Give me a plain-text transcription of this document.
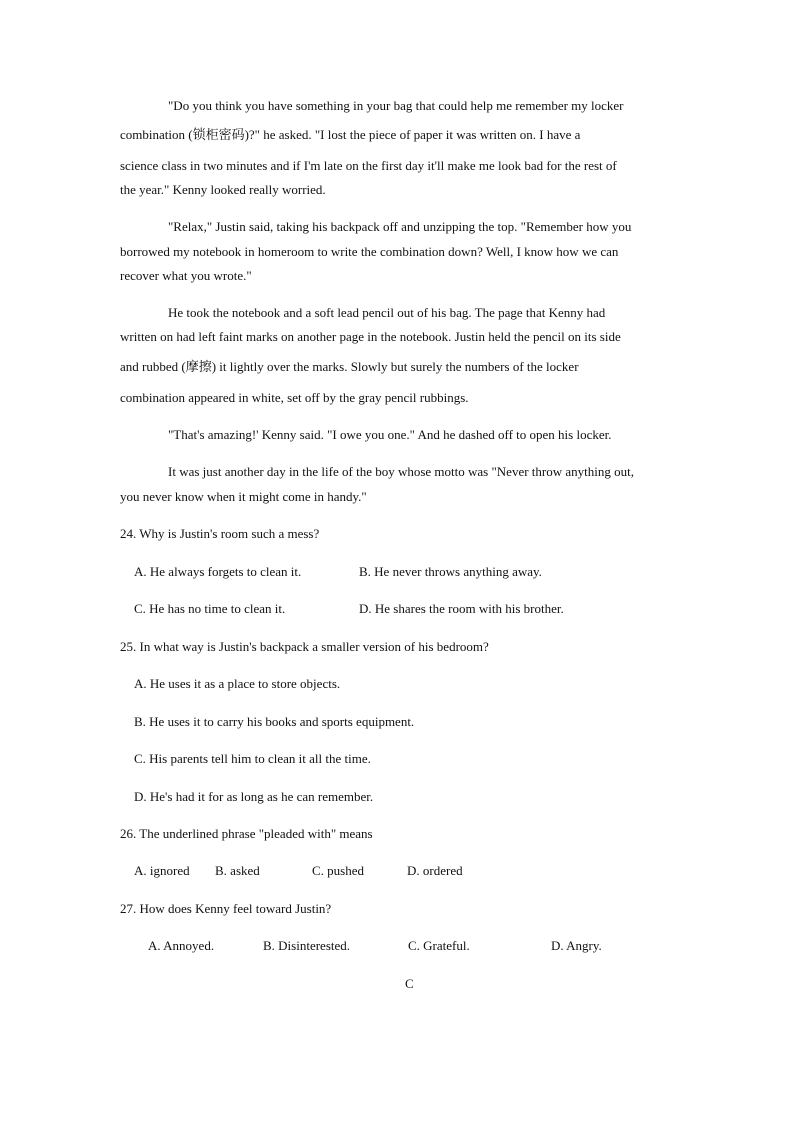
"Do you think you have something in your bag that could help me remember my locker
combination (锁柜密码)?" he asked. "I lost the piece of paper it was written on. I have a
science class in two minutes and if I'm late on the first day it'll make me look bad for the rest of
the year." Kenny looked really worried.
"Relax," Justin said, taking his backpack off and unzipping the top. "Remember how you
borrowed my notebook in homeroom to write the combination down? Well, I know how we can
recover what you wrote."
He took the notebook and a soft lead pencil out of his bag. The page that Kenny had
written on had left faint marks on another page in the notebook. Justin held the pencil on its side
and rubbed (摩擦) it lightly over the marks. Slowly but surely the numbers of the locker
combination appeared in white, set off by the gray pencil rubbings.
"That's amazing!' Kenny said. "I owe you one." And he dashed off to open his locker.
It was just another day in the life of the boy whose motto was "Never throw anything out,
you never know when it might come in handy."
24. Why is Justin's room such a mess?
A. He always forgets to clean it.	B. He never throws anything away.
C. He has no time to clean it.	D. He shares the room with his brother.
25. In what way is Justin's backpack a smaller version of his bedroom?
A. He uses it as a place to store objects.
B. He uses it to carry his books and sports equipment.
C. His parents tell him to clean it all the time.
D. He's had it for as long as he can remember.
26. The underlined phrase "pleaded with" means
A. ignored B. asked	C. pushed	D. ordered
27. How does Kenny feel toward Justin?
A. Annoyed.	B. Disinterested.	C. Grateful.	D. Angry.
C
